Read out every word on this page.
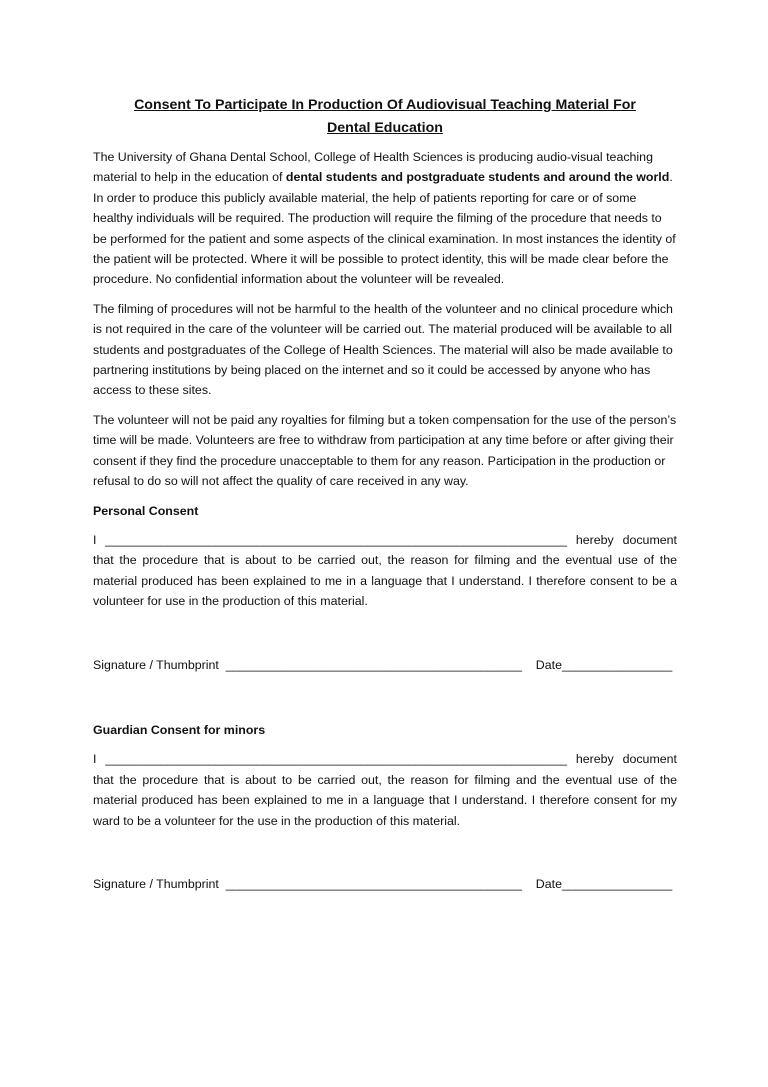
Consent To Participate In Production Of Audiovisual Teaching Material For
Dental Education

The University of Ghana Dental School, College of Health Sciences is producing audio-visual teaching material to help in the education of dental students and postgraduate students and around the world. In order to produce this publicly available material, the help of patients reporting for care or of some healthy individuals will be required. The production will require the filming of the procedure that needs to be performed for the patient and some aspects of the clinical examination. In most instances the identity of the patient will be protected. Where it will be possible to protect identity, this will be made clear before the procedure. No confidential information about the volunteer will be revealed.

The filming of procedures will not be harmful to the health of the volunteer and no clinical procedure which is not required in the care of the volunteer will be carried out. The material produced will be available to all students and postgraduates of the College of Health Sciences. The material will also be made available to partnering institutions by being placed on the internet and so it could be accessed by anyone who has access to these sites.

The volunteer will not be paid any royalties for filming but a token compensation for the use of the person’s time will be made. Volunteers are free to withdraw from participation at any time before or after giving their consent if they find the procedure unacceptable to them for any reason. Participation in the production or refusal to do so will not affect the quality of care received in any way.

Personal Consent

I ___________________________________________________________________ hereby document that the procedure that is about to be carried out, the reason for filming and the eventual use of the material produced has been explained to me in a language that I understand. I therefore consent to be a volunteer for use in the production of this material.

Signature / Thumbprint  ___________________________________________    Date________________
Guardian Consent for minors

I ___________________________________________________________________ hereby document that the procedure that is about to be carried out, the reason for filming and the eventual use of the material produced has been explained to me in a language that I understand. I therefore consent for my ward to be a volunteer for the use in the production of this material.

Signature / Thumbprint  ___________________________________________    Date________________
